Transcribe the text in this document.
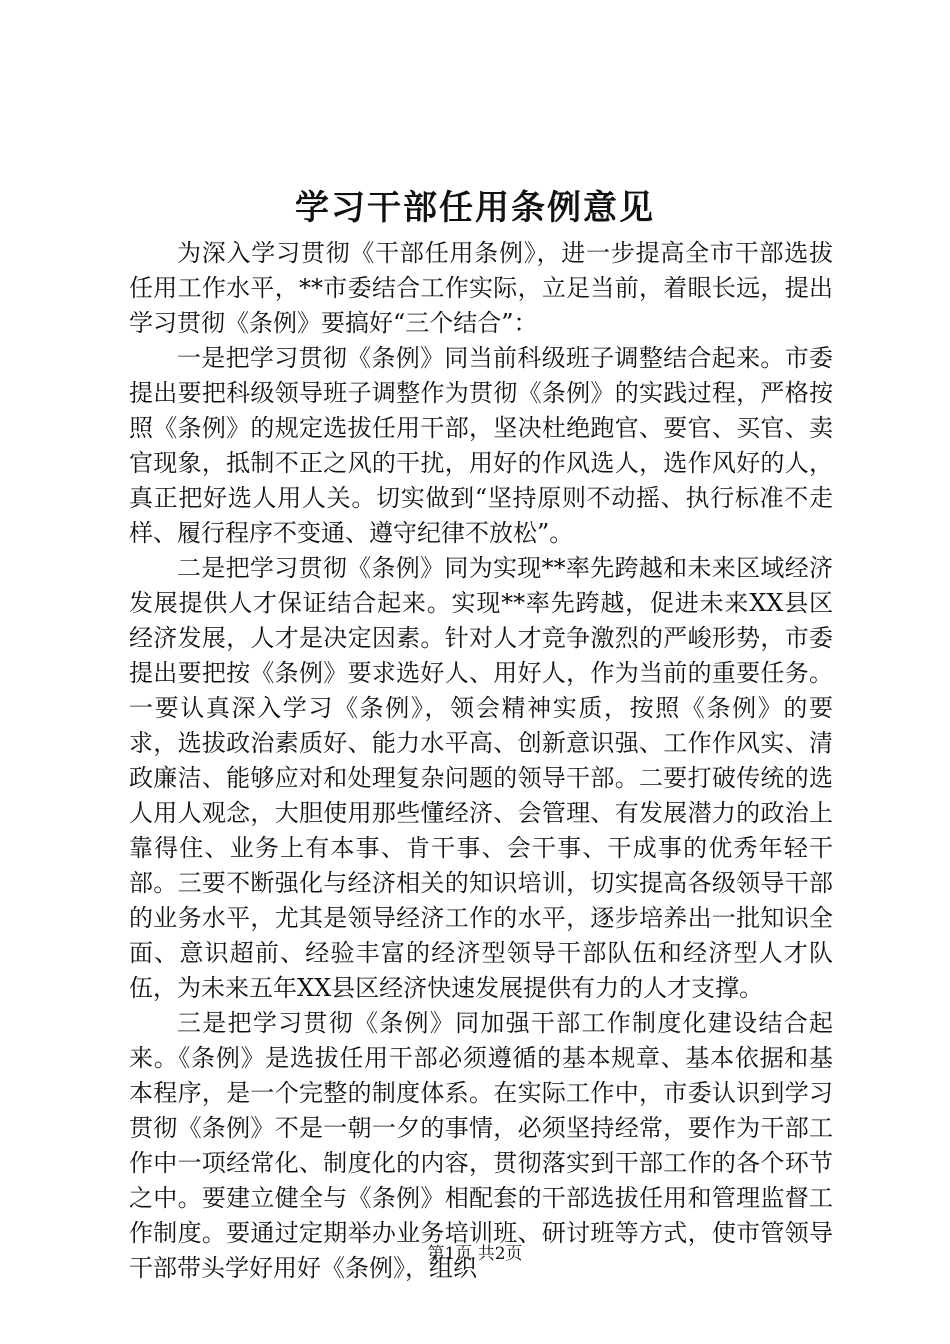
学习干部任用条例意见

为深入学习贯彻《干部任用条例》，进一步提高全市干部选拔任用工作水平，**市委结合工作实际，立足当前，着眼长远，提出学习贯彻《条例》要搞好“三个结合”：

一是把学习贯彻《条例》同当前科级班子调整结合起来。市委提出要把科级领导班子调整作为贯彻《条例》的实践过程，严格按照《条例》的规定选拔任用干部，坚决杜绝跑官、要官、买官、卖官现象，抵制不正之风的干扰，用好的作风选人，选作风好的人，真正把好选人用人关。切实做到“坚持原则不动摇、执行标准不走样、履行程序不变通、遵守纪律不放松”。

二是把学习贯彻《条例》同为实现**率先跨越和未来区域经济发展提供人才保证结合起来。实现**率先跨越，促进未来XX县区经济发展，人才是决定因素。针对人才竞争激烈的严峻形势，市委提出要把按《条例》要求选好人、用好人，作为当前的重要任务。一要认真深入学习《条例》，领会精神实质，按照《条例》的要求，选拔政治素质好、能力水平高、创新意识强、工作作风实、清政廉洁、能够应对和处理复杂问题的领导干部。二要打破传统的选人用人观念，大胆使用那些懂经济、会管理、有发展潜力的政治上靠得住、业务上有本事、肯干事、会干事、干成事的优秀年轻干部。三要不断强化与经济相关的知识培训，切实提高各级领导干部的业务水平，尤其是领导经济工作的水平，逐步培养出一批知识全面、意识超前、经验丰富的经济型领导干部队伍和经济型人才队伍，为未来五年XX县区经济快速发展提供有力的人才支撑。

三是把学习贯彻《条例》同加强干部工作制度化建设结合起来。《条例》是选拔任用干部必须遵循的基本规章、基本依据和基本程序，是一个完整的制度体系。在实际工作中，市委认识到学习贯彻《条例》不是一朝一夕的事情，必须坚持经常，要作为干部工作中一项经常化、制度化的内容，贯彻落实到干部工作的各个环节之中。要建立健全与《条例》相配套的干部选拔任用和管理监督工作制度。要通过定期举办业务培训班、研讨班等方式，使市管领导干部带头学好用好《条例》，组织

第1页 共2页
